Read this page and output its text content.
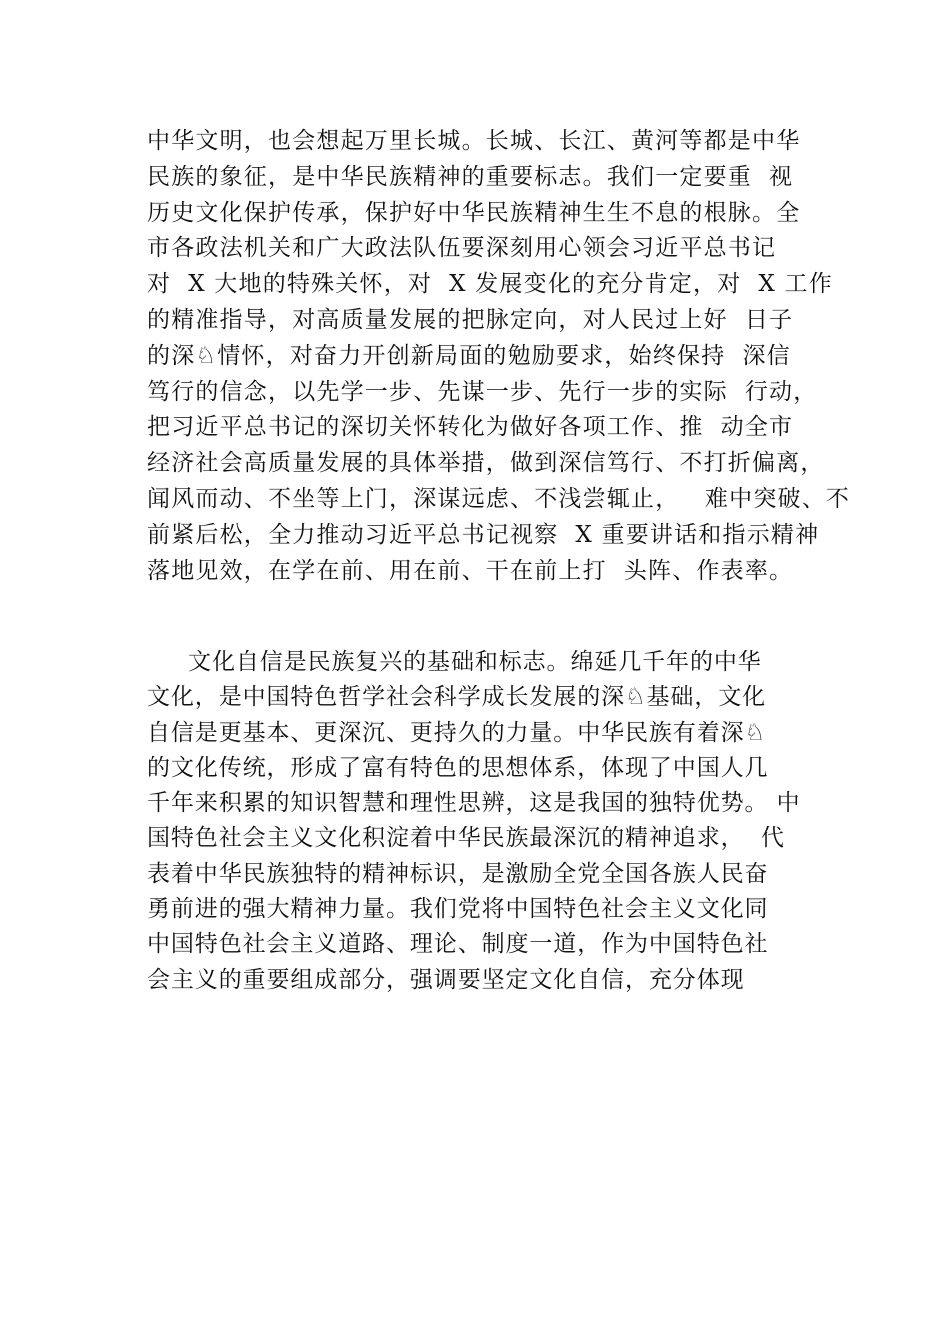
中华文明，也会想起万里长城。长城、长江、黄河等都是中华
民族的象征，是中华民族精神的重要标志。我们一定要重  视
历史文化保护传承，保护好中华民族精神生生不息的根脉。全
市各政法机关和广大政法队伍要深刻用心领会习近平总书记
对  X 大地的特殊关怀，对  X 发展变化的充分肯定，对  X 工作
的精准指导，对高质量发展的把脉定向，对人民过上好  日子
的深♘情怀，对奋力开创新局面的勉励要求，始终保持  深信
笃行的信念，以先学一步、先谋一步、先行一步的实际  行动，
把习近平总书记的深切关怀转化为做好各项工作、推  动全市
经济社会高质量发展的具体举措，做到深信笃行、不打折偏离，
闻风而动、不坐等上门，深谋远虑、不浅尝辄止，   难中突破、不
前紧后松，全力推动习近平总书记视察  X 重要讲话和指示精神
落地见效，在学在前、用在前、干在前上打  头阵、作表率。
文化自信是民族复兴的基础和标志。绵延几千年的中华
文化，是中国特色哲学社会科学成长发展的深♘基础，文化
自信是更基本、更深沉、更持久的力量。中华民族有着深♘
的文化传统，形成了富有特色的思想体系，体现了中国人几
千年来积累的知识智慧和理性思辨，这是我国的独特优势。 中
国特色社会主义文化积淀着中华民族最深沉的精神追求，  代
表着中华民族独特的精神标识，是激励全党全国各族人民奋
勇前进的强大精神力量。我们党将中国特色社会主义文化同
中国特色社会主义道路、理论、制度一道，作为中国特色社
会主义的重要组成部分，强调要坚定文化自信，充分体现
